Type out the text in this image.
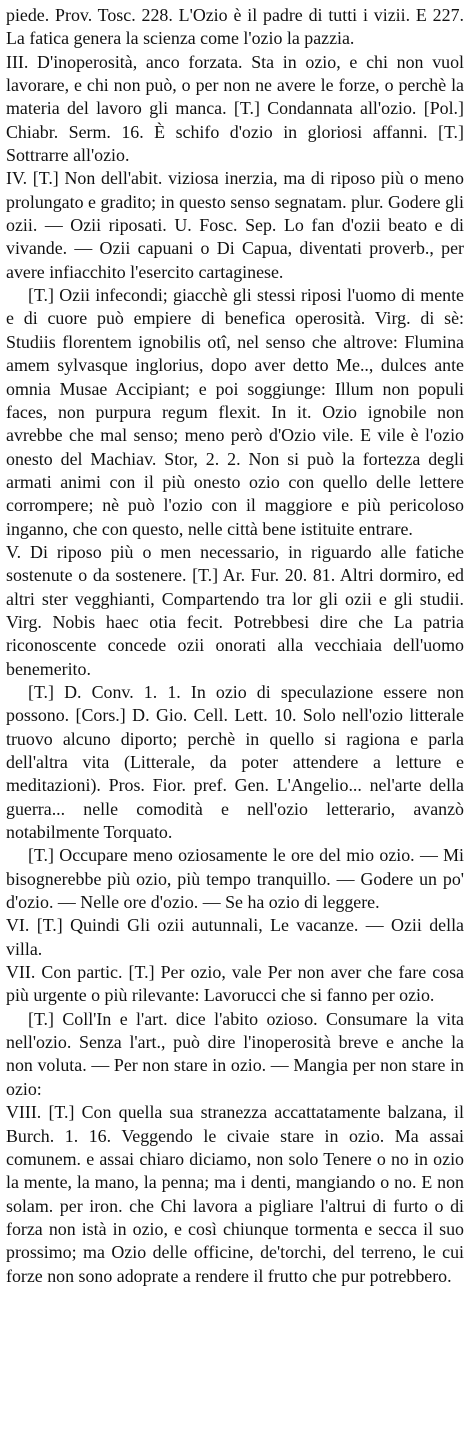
piede. Prov. Tosc. 228. L'Ozio è il padre di tutti i vizii. E 227. La fatica genera la scienza come l'ozio la pazzia.

III. D'inoperosità, anco forzata. Sta in ozio, e chi non vuol lavorare, e chi non può, o per non ne avere le forze, o perchè la materia del lavoro gli manca. [T.] Condannata all'ozio. [Pol.] Chiabr. Serm. 16. È schifo d'ozio in gloriosi affanni. [T.] Sottrarre all'ozio.

IV. [T.] Non dell'abit. viziosa inerzia, ma di riposo più o meno prolungato e gradito; in questo senso segnatam. plur. Godere gli ozii. — Ozii riposati. U. Fosc. Sep. Lo fan d'ozii beato e di vivande. — Ozii capuani o Di Capua, diventati proverb., per avere infiacchito l'esercito cartaginese.

[T.] Ozii infecondi; giacchè gli stessi riposi l'uomo di mente e di cuore può empiere di benefica operosità. Virg. di sè: Studiis florentem ignobilis otî, nel senso che altrove: Flumina amem sylvasque inglorius, dopo aver detto Me.., dulces ante omnia Musae Accipiant; e poi soggiunge: Illum non populi faces, non purpura regum flexit. In it. Ozio ignobile non avrebbe che mal senso; meno però d'Ozio vile. E vile è l'ozio onesto del Machiav. Stor, 2. 2. Non si può la fortezza degli armati animi con il più onesto ozio con quello delle lettere corrompere; nè può l'ozio con il maggiore e più pericoloso inganno, che con questo, nelle città bene istituite entrare.

V. Di riposo più o men necessario, in riguardo alle fatiche sostenute o da sostenere. [T.] Ar. Fur. 20. 81. Altri dormiro, ed altri ster vegghianti, Compartendo tra lor gli ozii e gli studii. Virg. Nobis haec otia fecit. Potrebbesi dire che La patria riconoscente concede ozii onorati alla vecchiaia dell'uomo benemerito.

[T.] D. Conv. 1. 1. In ozio di speculazione essere non possono. [Cors.] D. Gio. Cell. Lett. 10. Solo nell'ozio litterale truovo alcuno diporto; perchè in quello si ragiona e parla dell'altra vita (Litterale, da poter attendere a letture e meditazioni). Pros. Fior. pref. Gen. L'Angelio... nel'arte della guerra... nelle comodità e nell'ozio letterario, avanzò notabilmente Torquato.

[T.] Occupare meno oziosamente le ore del mio ozio. — Mi bisognerebbe più ozio, più tempo tranquillo. — Godere un po' d'ozio. — Nelle ore d'ozio. — Se ha ozio di leggere.

VI. [T.] Quindi Gli ozii autunnali, Le vacanze. — Ozii della villa.

VII. Con partic. [T.] Per ozio, vale Per non aver che fare cosa più urgente o più rilevante: Lavorucci che si fanno per ozio.

[T.] Coll'In e l'art. dice l'abito ozioso. Consumare la vita nell'ozio. Senza l'art., può dire l'inoperosità breve e anche la non voluta. — Per non stare in ozio. — Mangia per non stare in ozio:

VIII. [T.] Con quella sua stranezza accattatamente balzana, il Burch. 1. 16. Veggendo le civaie stare in ozio. Ma assai comunem. e assai chiaro diciamo, non solo Tenere o no in ozio la mente, la mano, la penna; ma i denti, mangiando o no. E non solam. per iron. che Chi lavora a pigliare l'altrui di furto o di forza non istà in ozio, e così chiunque tormenta e secca il suo prossimo; ma Ozio delle officine, de'torchi, del terreno, le cui forze non sono adoprate a rendere il frutto che pur potrebbero.
